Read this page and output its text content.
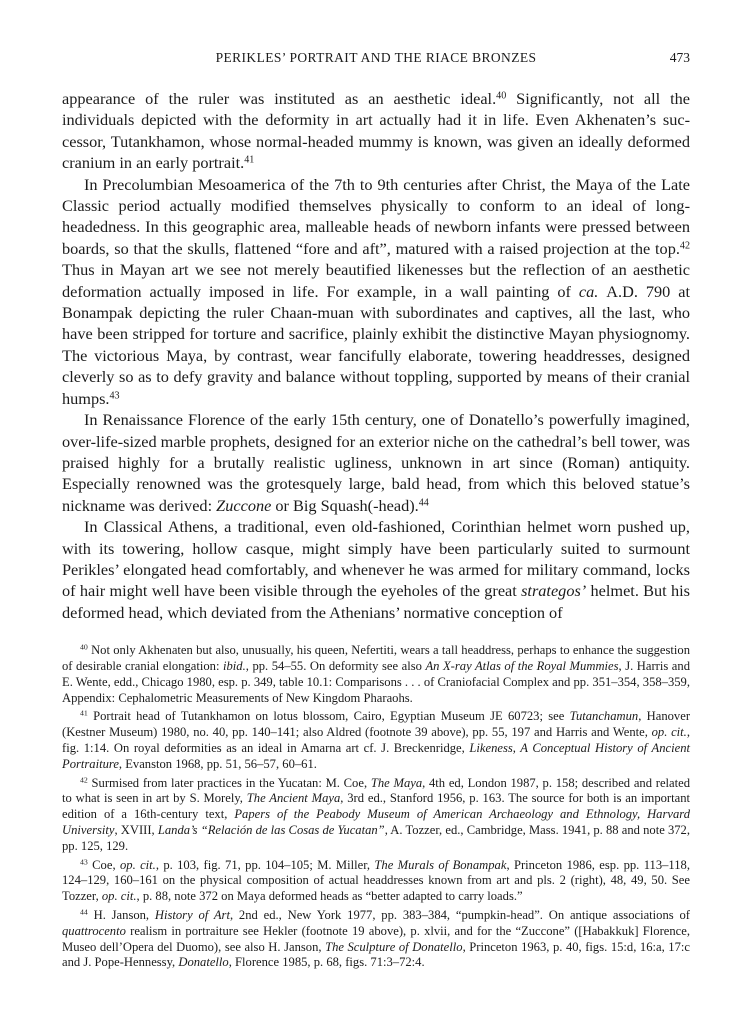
PERIKLES’ PORTRAIT AND THE RIACE BRONZES	473

appearance of the ruler was instituted as an aesthetic ideal.$^{40}$ Significantly, not all the individuals depicted with the deformity in art actually had it in life. Even Akhenaten’s successor, Tutankhamon, whose normal-headed mummy is known, was given an ideally deformed cranium in an early portrait.$^{41}$

In Precolumbian Mesoamerica of the 7th to 9th centuries after Christ, the Maya of the Late Classic period actually modified themselves physically to conform to an ideal of long-headedness. In this geographic area, malleable heads of newborn infants were pressed between boards, so that the skulls, flattened “fore and aft”, matured with a raised projection at the top.$^{42}$ Thus in Mayan art we see not merely beautified likenesses but the reflection of an aesthetic deformation actually imposed in life. For example, in a wall painting of ca. A.D. 790 at Bonampak depicting the ruler Chaan-muan with subordinates and captives, all the last, who have been stripped for torture and sacrifice, plainly exhibit the distinctive Mayan physiognomy. The victorious Maya, by contrast, wear fancifully elaborate, towering headdresses, designed cleverly so as to defy gravity and balance without toppling, supported by means of their cranial humps.$^{43}$

In Renaissance Florence of the early 15th century, one of Donatello’s powerfully imagined, over-life-sized marble prophets, designed for an exterior niche on the cathedral’s bell tower, was praised highly for a brutally realistic ugliness, unknown in art since (Roman) antiquity. Especially renowned was the grotesquely large, bald head, from which this beloved statue’s nickname was derived: Zuccone or Big Squash(-head).$^{44}$

In Classical Athens, a traditional, even old-fashioned, Corinthian helmet worn pushed up, with its towering, hollow casque, might simply have been particularly suited to surmount Perikles’ elongated head comfortably, and whenever he was armed for military command, locks of hair might well have been visible through the eyeholes of the great strategos’ helmet. But his deformed head, which deviated from the Athenians’ normative conception of

$^{40}$ Not only Akhenaten but also, unusually, his queen, Nefertiti, wears a tall headdress, perhaps to enhance the suggestion of desirable cranial elongation: ibid., pp. 54–55. On deformity see also An X-ray Atlas of the Royal Mummies, J. Harris and E. Wente, edd., Chicago 1980, esp. p. 349, table 10.1: Comparisons . . . of Craniofacial Complex and pp. 351–354, 358–359, Appendix: Cephalometric Measurements of New Kingdom Pharaohs.

$^{41}$ Portrait head of Tutankhamon on lotus blossom, Cairo, Egyptian Museum JE 60723; see Tutanchamun, Hanover (Kestner Museum) 1980, no. 40, pp. 140–141; also Aldred (footnote 39 above), pp. 55, 197 and Harris and Wente, op. cit., fig. 1:14. On royal deformities as an ideal in Amarna art cf. J. Breckenridge, Likeness, A Conceptual History of Ancient Portraiture, Evanston 1968, pp. 51, 56–57, 60–61.

$^{42}$ Surmised from later practices in the Yucatan: M. Coe, The Maya, 4th ed, London 1987, p. 158; described and related to what is seen in art by S. Morely, The Ancient Maya, 3rd ed., Stanford 1956, p. 163. The source for both is an important edition of a 16th-century text, Papers of the Peabody Museum of American Archaeology and Ethnology, Harvard University, XVIII, Landa’s “Relación de las Cosas de Yucatan”, A. Tozzer, ed., Cambridge, Mass. 1941, p. 88 and note 372, pp. 125, 129.

$^{43}$ Coe, op. cit., p. 103, fig. 71, pp. 104–105; M. Miller, The Murals of Bonampak, Princeton 1986, esp. pp. 113–118, 124–129, 160–161 on the physical composition of actual headdresses known from art and pls. 2 (right), 48, 49, 50. See Tozzer, op. cit., p. 88, note 372 on Maya deformed heads as “better adapted to carry loads.”

$^{44}$ H. Janson, History of Art, 2nd ed., New York 1977, pp. 383–384, “pumpkin-head”. On antique associations of quattrocento realism in portraiture see Hekler (footnote 19 above), p. xlvii, and for the “Zuccone” ([Habakkuk] Florence, Museo dell’Opera del Duomo), see also H. Janson, The Sculpture of Donatello, Princeton 1963, p. 40, figs. 15:d, 16:a, 17:c and J. Pope-Hennessy, Donatello, Florence 1985, p. 68, figs. 71:3–72:4.
